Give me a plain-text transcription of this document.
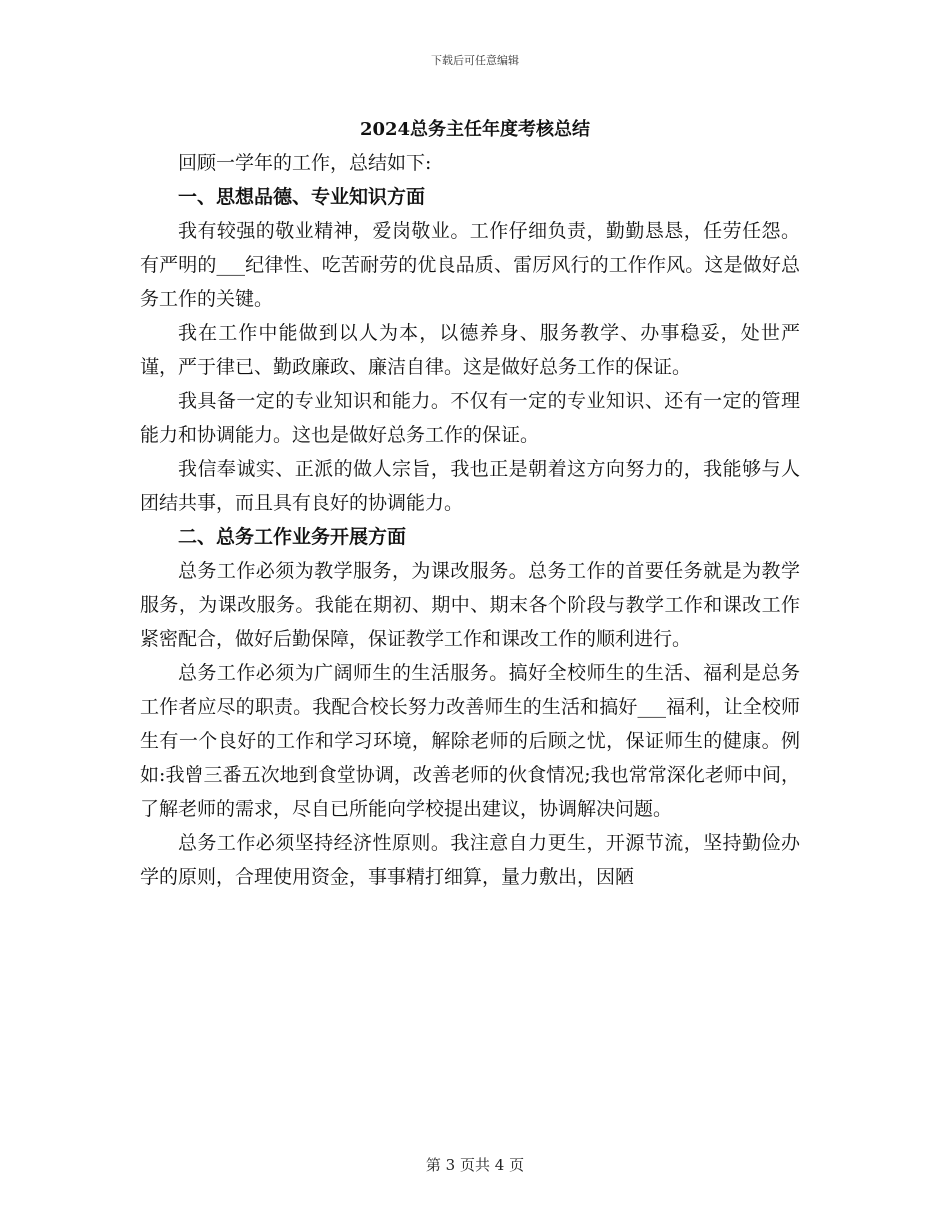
下载后可任意编辑
2024总务主任年度考核总结

回顾一学年的工作，总结如下:

一、思想品德、专业知识方面

我有较强的敬业精神，爱岗敬业。工作仔细负责，勤勤恳恳，任劳任怨。有严明的___纪律性、吃苦耐劳的优良品质、雷厉风行的工作作风。这是做好总务工作的关键。

我在工作中能做到以人为本，以德养身、服务教学、办事稳妥，处世严谨，严于律已、勤政廉政、廉洁自律。这是做好总务工作的保证。

我具备一定的专业知识和能力。不仅有一定的专业知识、还有一定的管理能力和协调能力。这也是做好总务工作的保证。

我信奉诚实、正派的做人宗旨，我也正是朝着这方向努力的，我能够与人团结共事，而且具有良好的协调能力。

二、总务工作业务开展方面

总务工作必须为教学服务，为课改服务。总务工作的首要任务就是为教学服务，为课改服务。我能在期初、期中、期末各个阶段与教学工作和课改工作紧密配合，做好后勤保障，保证教学工作和课改工作的顺利进行。

总务工作必须为广阔师生的生活服务。搞好全校师生的生活、福利是总务工作者应尽的职责。我配合校长努力改善师生的生活和搞好___福利，让全校师生有一个良好的工作和学习环境，解除老师的后顾之忧，保证师生的健康。例如:我曾三番五次地到食堂协调，改善老师的伙食情况;我也常常深化老师中间，了解老师的需求，尽自已所能向学校提出建议，协调解决问题。

总务工作必须坚持经济性原则。我注意自力更生，开源节流，坚持勤俭办学的原则，合理使用资金，事事精打细算，量力敷出，因陋

第 3 页共 4 页
